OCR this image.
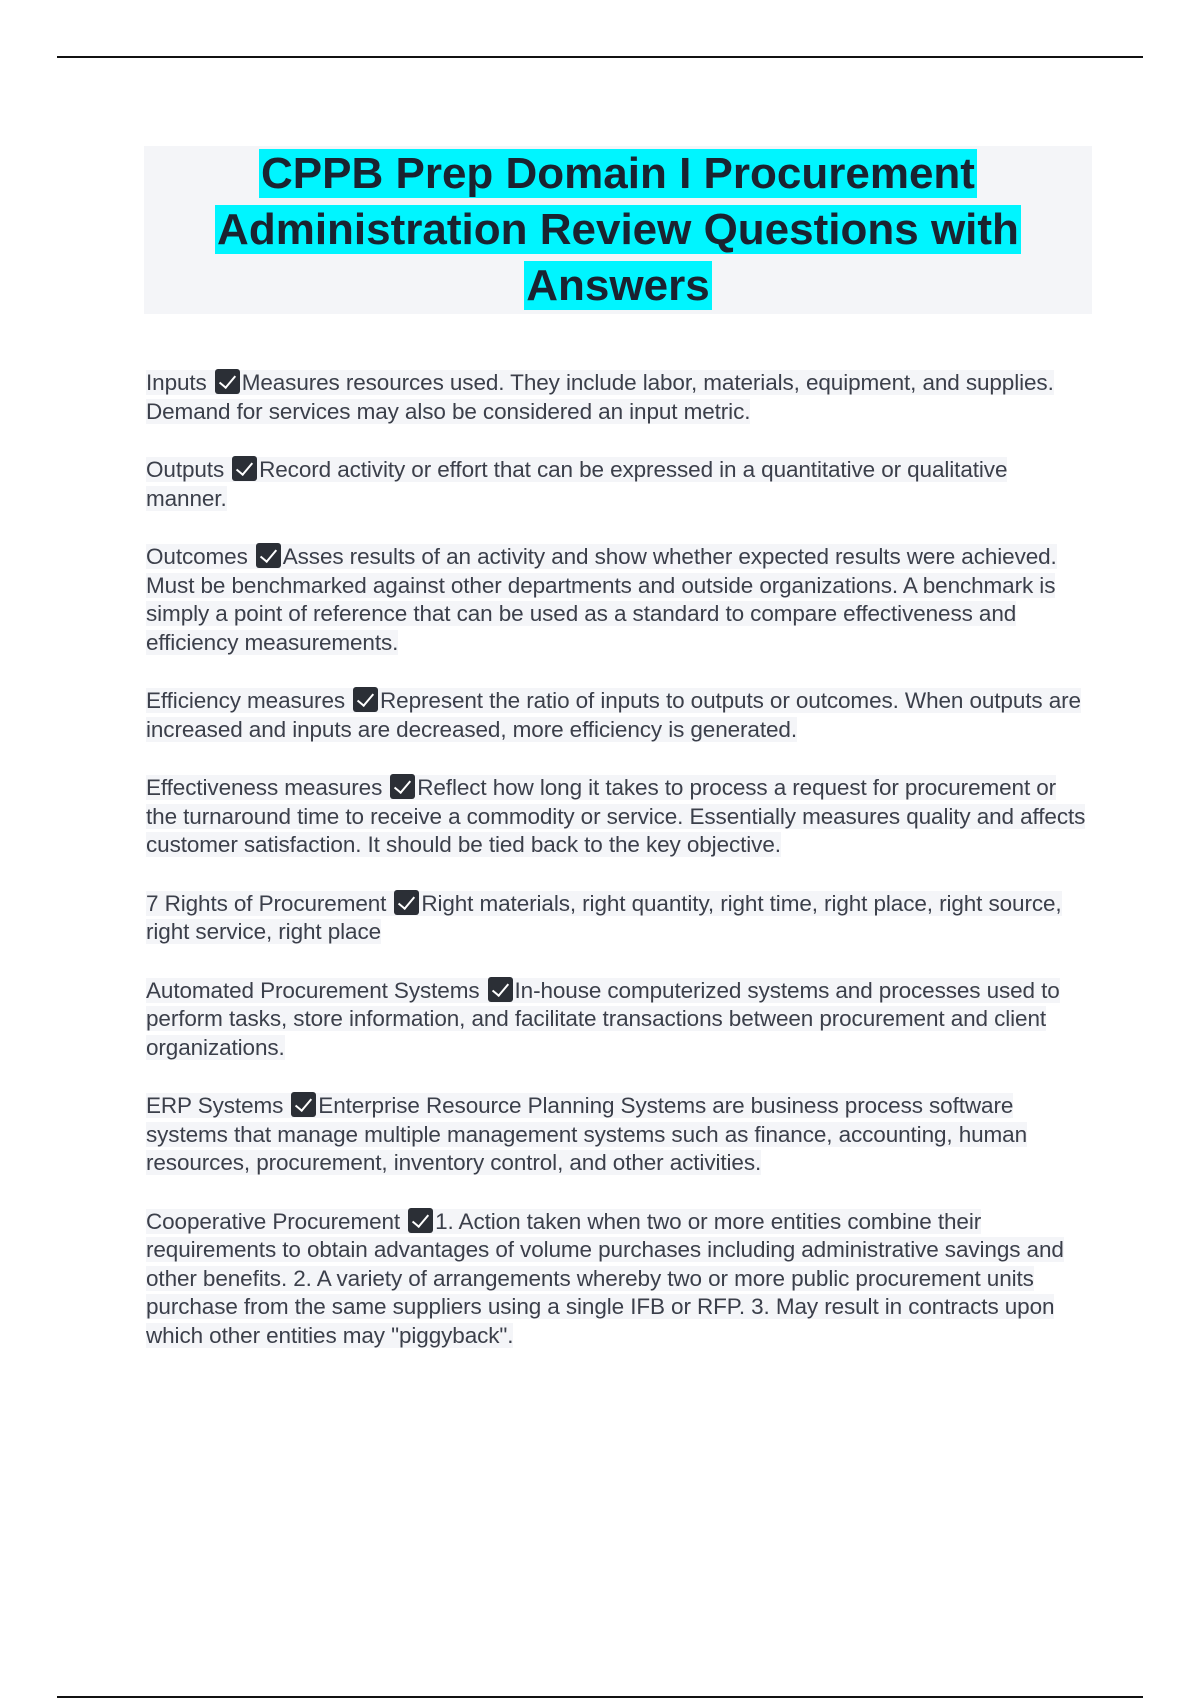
CPPB Prep Domain I Procurement Administration Review Questions with Answers
Inputs Measures resources used. They include labor, materials, equipment, and supplies. Demand for services may also be considered an input metric.
Outputs Record activity or effort that can be expressed in a quantitative or qualitative manner.
Outcomes Asses results of an activity and show whether expected results were achieved. Must be benchmarked against other departments and outside organizations. A benchmark is simply a point of reference that can be used as a standard to compare effectiveness and efficiency measurements.
Efficiency measures Represent the ratio of inputs to outputs or outcomes. When outputs are increased and inputs are decreased, more efficiency is generated.
Effectiveness measures Reflect how long it takes to process a request for procurement or the turnaround time to receive a commodity or service. Essentially measures quality and affects customer satisfaction. It should be tied back to the key objective.
7 Rights of Procurement Right materials, right quantity, right time, right place, right source, right service, right place
Automated Procurement Systems In-house computerized systems and processes used to perform tasks, store information, and facilitate transactions between procurement and client organizations.
ERP Systems Enterprise Resource Planning Systems are business process software systems that manage multiple management systems such as finance, accounting, human resources, procurement, inventory control, and other activities.
Cooperative Procurement 1. Action taken when two or more entities combine their requirements to obtain advantages of volume purchases including administrative savings and other benefits. 2. A variety of arrangements whereby two or more public procurement units purchase from the same suppliers using a single IFB or RFP. 3. May result in contracts upon which other entities may "piggyback".
